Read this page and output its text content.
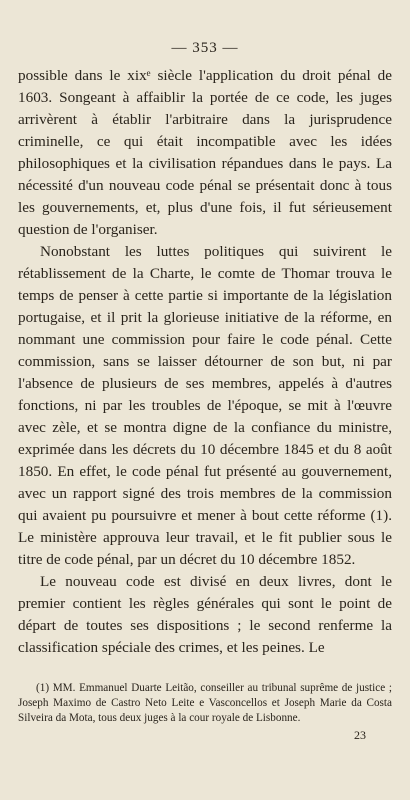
— 353 —

possible dans le xixᵉ siècle l'application du droit pénal de 1603. Songeant à affaiblir la portée de ce code, les juges arrivèrent à établir l'arbitraire dans la jurisprudence criminelle, ce qui était incompatible avec les idées philosophiques et la civilisation répandues dans le pays. La nécessité d'un nouveau code pénal se présentait donc à tous les gouvernements, et, plus d'une fois, il fut sérieusement question de l'organiser.

Nonobstant les luttes politiques qui suivirent le rétablissement de la Charte, le comte de Thomar trouva le temps de penser à cette partie si importante de la législation portugaise, et il prit la glorieuse initiative de la réforme, en nommant une commission pour faire le code pénal. Cette commission, sans se laisser détourner de son but, ni par l'absence de plusieurs de ses membres, appelés à d'autres fonctions, ni par les troubles de l'époque, se mit à l'œuvre avec zèle, et se montra digne de la confiance du ministre, exprimée dans les décrets du 10 décembre 1845 et du 8 août 1850. En effet, le code pénal fut présenté au gouvernement, avec un rapport signé des trois membres de la commission qui avaient pu poursuivre et mener à bout cette réforme (1). Le ministère approuva leur travail, et le fit publier sous le titre de code pénal, par un décret du 10 décembre 1852.

Le nouveau code est divisé en deux livres, dont le premier contient les règles générales qui sont le point de départ de toutes ses dispositions ; le second renferme la classification spéciale des crimes, et les peines. Le

(1) MM. Emmanuel Duarte Leitão, conseiller au tribunal suprême de justice ; Joseph Maximo de Castro Neto Leite e Vasconcellos et Joseph Marie da Costa Silveira da Mota, tous deux juges à la cour royale de Lisbonne.

23
